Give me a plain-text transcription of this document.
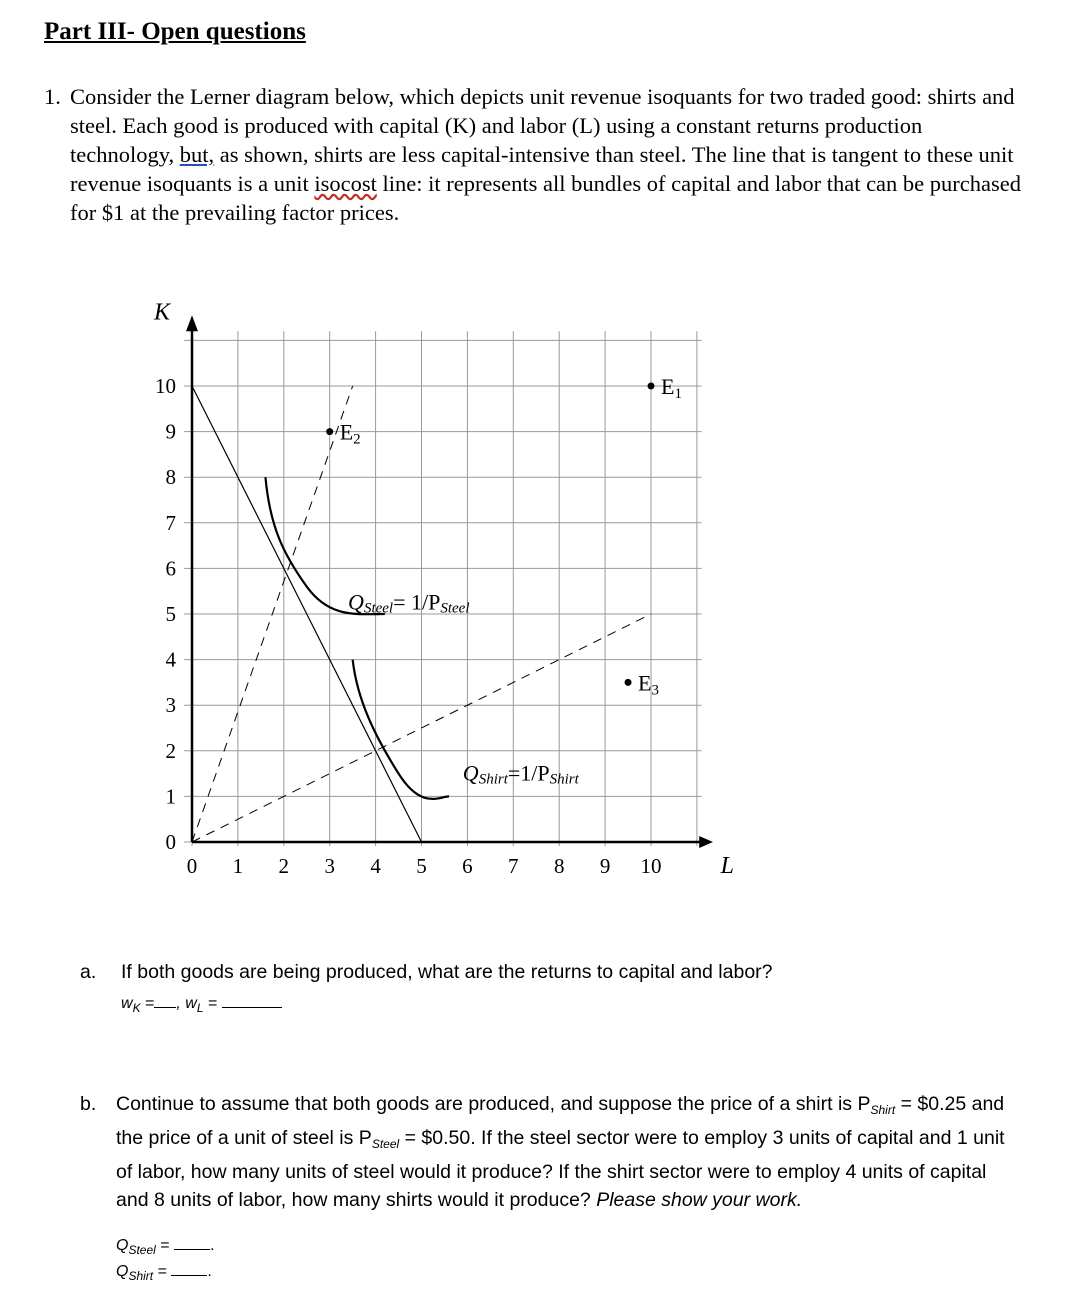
Part III- Open questions
1. Consider the Lerner diagram below, which depicts unit revenue isoquants for two traded good: shirts and steel. Each good is produced with capital (K) and labor (L) using a constant returns production technology, but, as shown, shirts are less capital-intensive than steel. The line that is tangent to these unit revenue isoquants is a unit isocost line: it represents all bundles of capital and labor that can be purchased for $1 at the prevailing factor prices.
0
1
2
3
4
5
6
7
8
9
10
0 1 2 3 4 5 6 7 8 9 10
K
L
QSteel= 1/PSteel
QShirt=1/PShirt
E1
E2
E3
a. If both goods are being produced, what are the returns to capital and labor?
$w_K$ = , $w_L$ =
b. Continue to assume that both goods are produced, and suppose the price of a shirt is $P_{Shirt}$ = $0.25 and the price of a unit of steel is $P_{Steel}$ = $0.50. If the steel sector were to employ 3 units of capital and 1 unit of labor, how many units of steel would it produce? If the shirt sector were to employ 4 units of capital and 8 units of labor, how many shirts would it produce? Please show your work.
$Q_{Steel}$ =	.
$Q_{Shirt}$ =	.
